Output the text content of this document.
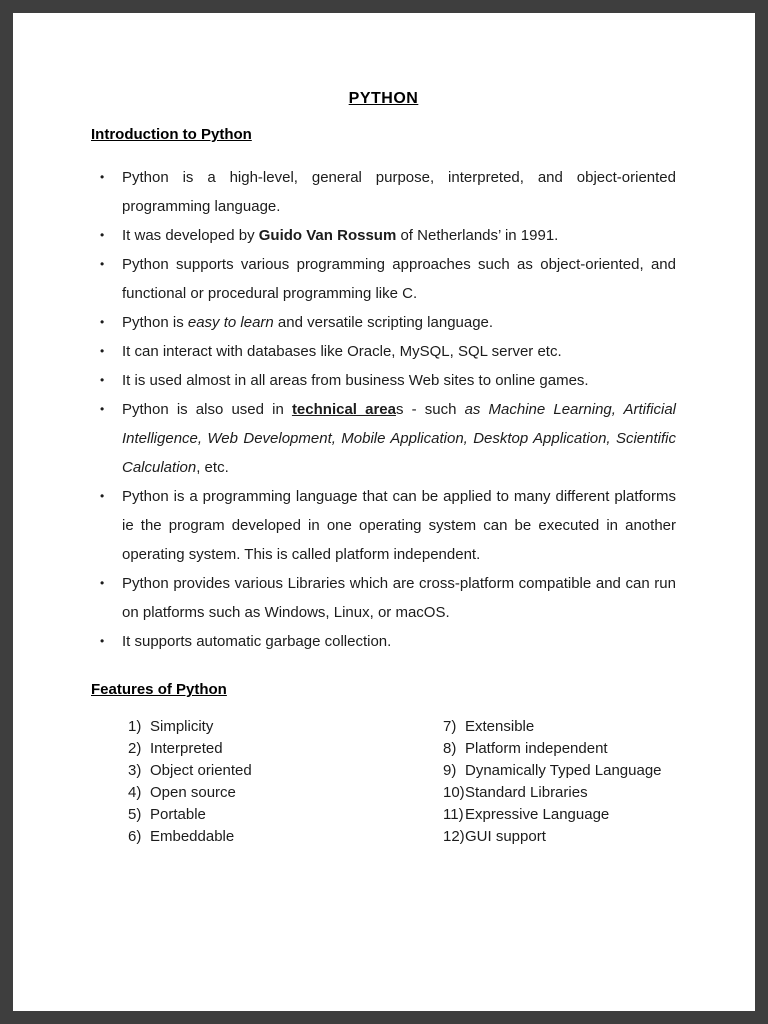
PYTHON
Introduction to Python
•	Python is a high-level, general purpose, interpreted, and object-oriented programming language.
•	It was developed by Guido Van Rossum of Netherlands’ in 1991.
•	Python supports various programming approaches such as object-oriented, and functional or procedural programming like C.
•	Python is easy to learn and versatile scripting language.
•	It can interact with databases like Oracle, MySQL, SQL server etc.
•	It is used almost in all areas from business Web sites to online games.
•	Python is also used in technical areas - such as Machine Learning, Artificial Intelligence, Web Development, Mobile Application, Desktop Application, Scientific Calculation, etc.
•	Python is a programming language that can be applied to many different platforms ie the program developed in one operating system can be executed in another operating system. This is called platform independent.
•	Python provides various Libraries which are cross-platform compatible and can run on platforms such as Windows, Linux, or macOS.
•	It supports automatic garbage collection.
Features of Python
1) Simplicity
2) Interpreted
3) Object oriented
4) Open source
5) Portable
6) Embeddable
7) Extensible
8) Platform independent
9) Dynamically Typed Language
10)Standard Libraries
11)Expressive Language
12)GUI support
